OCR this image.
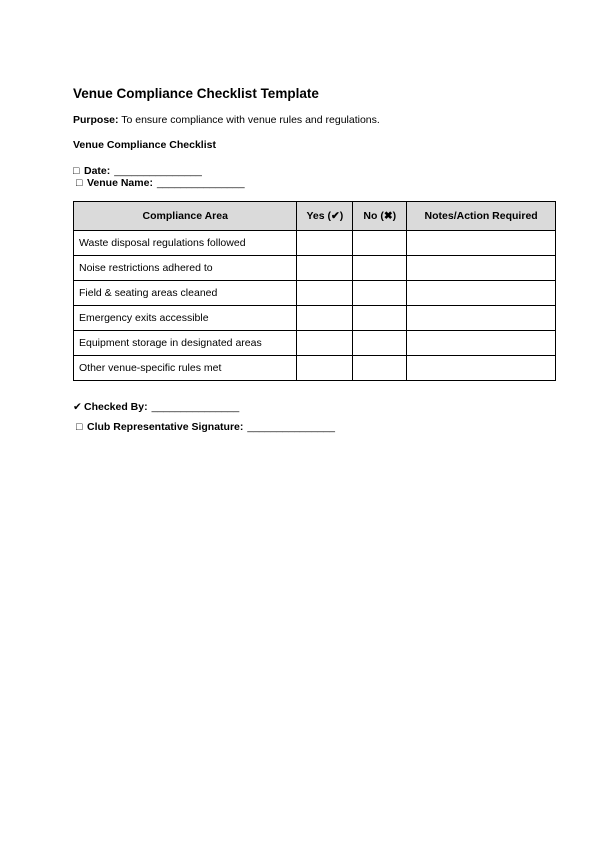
Venue Compliance Checklist Template
Purpose: To ensure compliance with venue rules and regulations.
Venue Compliance Checklist
□ Date: _______________
□ Venue Name: _______________
Compliance Area	Yes (✔)	No (✖)	Notes/Action Required
Waste disposal regulations followed			
Noise restrictions adhered to			
Field & seating areas cleaned			
Emergency exits accessible			
Equipment storage in designated areas			
Other venue-specific rules met			
✔ Checked By: _______________
□ Club Representative Signature: _______________
